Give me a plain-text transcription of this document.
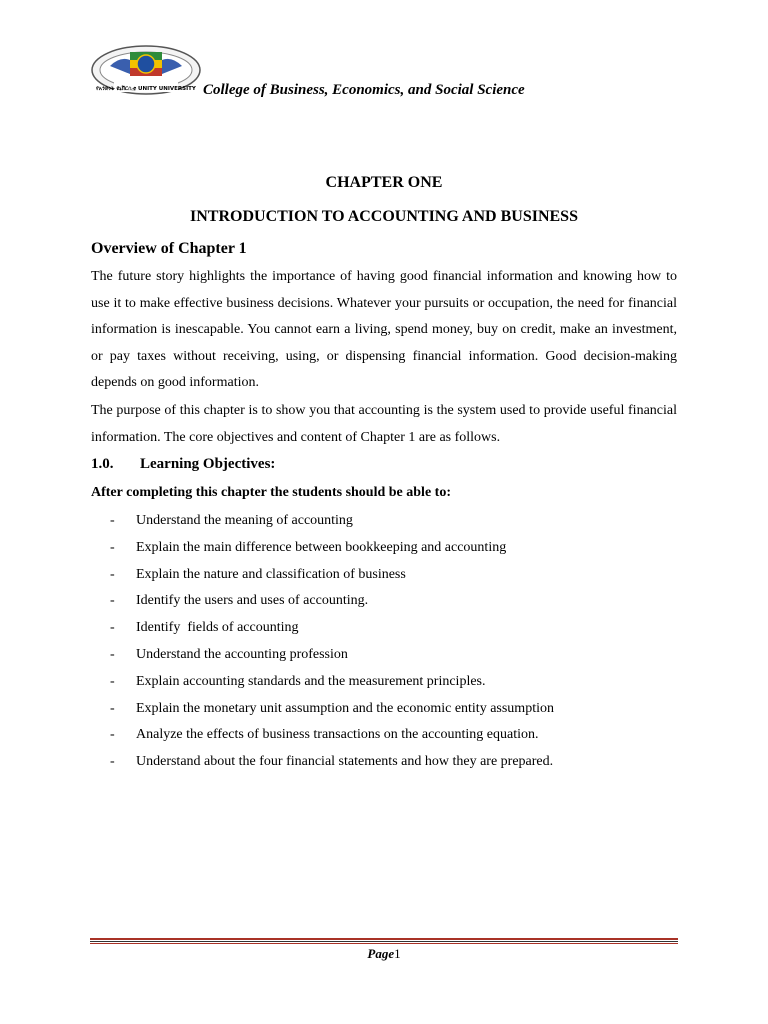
የአንድነት ዩኒቨርሲቲ UNITY UNIVERSITY College of Business, Economics, and Social Science
CHAPTER ONE
INTRODUCTION TO ACCOUNTING AND BUSINESS
Overview of Chapter 1
The future story highlights the importance of having good financial information and knowing how to use it to make effective business decisions. Whatever your pursuits or occupation, the need for financial information is inescapable. You cannot earn a living, spend money, buy on credit, make an investment, or pay taxes without receiving, using, or dispensing financial information. Good decision-making depends on good information.
The purpose of this chapter is to show you that accounting is the system used to provide useful financial information. The core objectives and content of Chapter 1 are as follows.
1.0. Learning Objectives:
After completing this chapter the students should be able to:
- Understand the meaning of accounting
- Explain the main difference between bookkeeping and accounting
- Explain the nature and classification of business
- Identify the users and uses of accounting.
- Identify  fields of accounting
- Understand the accounting profession
- Explain accounting standards and the measurement principles.
- Explain the monetary unit assumption and the economic entity assumption
- Analyze the effects of business transactions on the accounting equation.
- Understand about the four financial statements and how they are prepared.
Page1
